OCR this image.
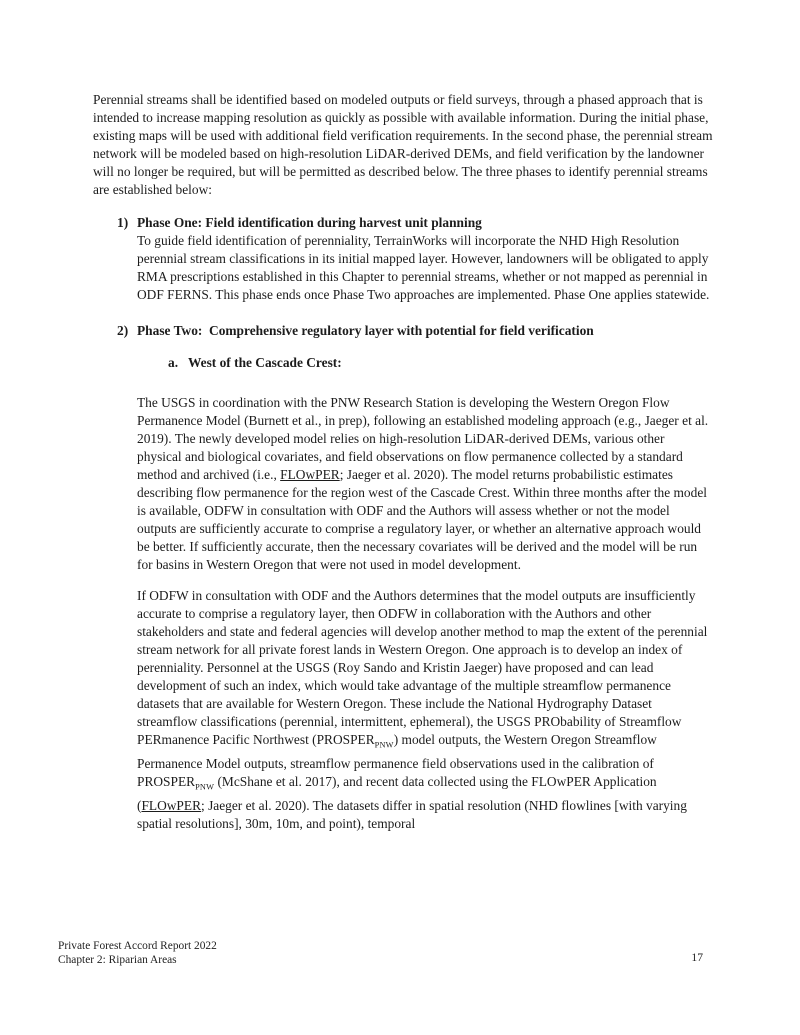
Perennial streams shall be identified based on modeled outputs or field surveys, through a phased approach that is intended to increase mapping resolution as quickly as possible with available information. During the initial phase, existing maps will be used with additional field verification requirements. In the second phase, the perennial stream network will be modeled based on high-resolution LiDAR-derived DEMs, and field verification by the landowner will no longer be required, but will be permitted as described below. The three phases to identify perennial streams are established below:

1) Phase One: Field identification during harvest unit planning
To guide field identification of perenniality, TerrainWorks will incorporate the NHD High Resolution perennial stream classifications in its initial mapped layer. However, landowners will be obligated to apply RMA prescriptions established in this Chapter to perennial streams, whether or not mapped as perennial in ODF FERNS. This phase ends once Phase Two approaches are implemented. Phase One applies statewide.
2) Phase Two:  Comprehensive regulatory layer with potential for field verification
a. West of the Cascade Crest:

The USGS in coordination with the PNW Research Station is developing the Western Oregon Flow Permanence Model (Burnett et al., in prep), following an established modeling approach (e.g., Jaeger et al. 2019). The newly developed model relies on high-resolution LiDAR-derived DEMs, various other physical and biological covariates, and field observations on flow permanence collected by a standard method and archived (i.e., FLOwPER; Jaeger et al. 2020). The model returns probabilistic estimates describing flow permanence for the region west of the Cascade Crest. Within three months after the model is available, ODFW in consultation with ODF and the Authors will assess whether or not the model outputs are sufficiently accurate to comprise a regulatory layer, or whether an alternative approach would be better. If sufficiently accurate, then the necessary covariates will be derived and the model will be run for basins in Western Oregon that were not used in model development.

If ODFW in consultation with ODF and the Authors determines that the model outputs are insufficiently accurate to comprise a regulatory layer, then ODFW in collaboration with the Authors and other stakeholders and state and federal agencies will develop another method to map the extent of the perennial stream network for all private forest lands in Western Oregon. One approach is to develop an index of perenniality. Personnel at the USGS (Roy Sando and Kristin Jaeger) have proposed and can lead development of such an index, which would take advantage of the multiple streamflow permanence datasets that are available for Western Oregon. These include the National Hydrography Dataset streamflow classifications (perennial, intermittent, ephemeral), the USGS PRObability of Streamflow PERmanence Pacific Northwest $(PROSPER_{PNW})$ model outputs, the Western Oregon Streamflow Permanence Model outputs, streamflow permanence field observations used in the calibration of $PROSPER_{PNW}$ (McShane et al. 2017), and recent data collected using the FLOwPER Application (FLOwPER; Jaeger et al. 2020). The datasets differ in spatial resolution (NHD flowlines [with varying spatial resolutions], 30m, 10m, and point), temporal

Private Forest Accord Report 2022
Chapter 2: Riparian Areas	17
